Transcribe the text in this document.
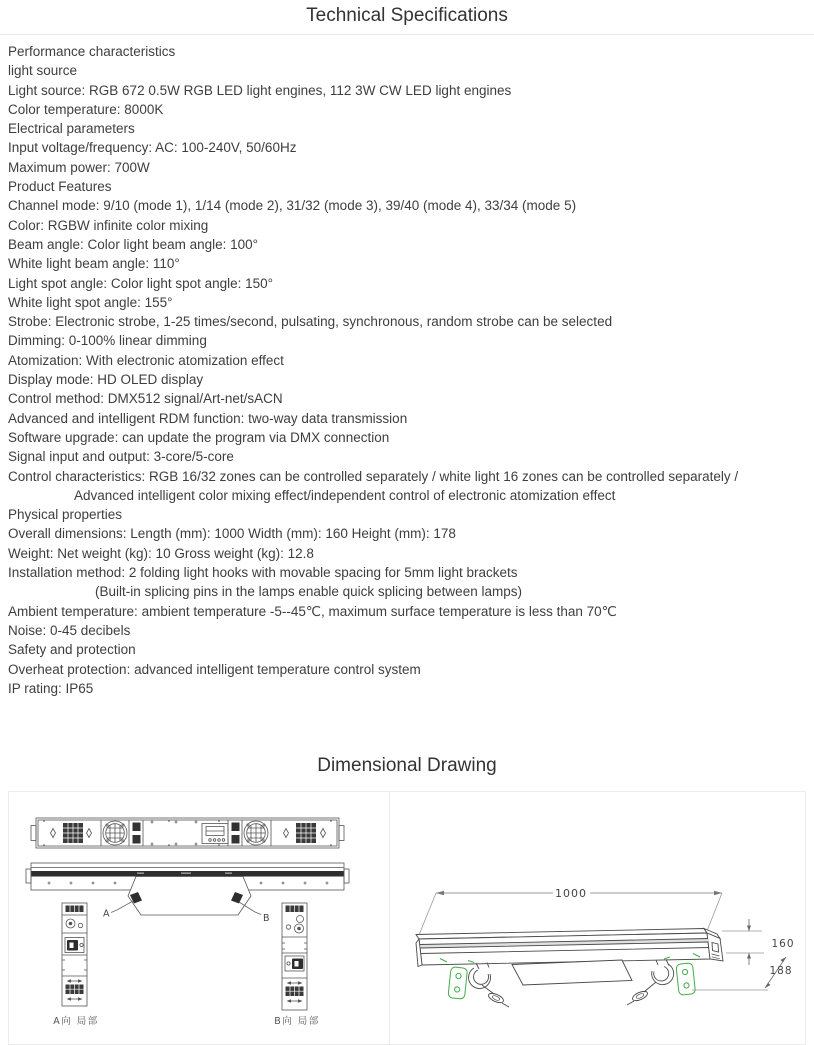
Technical Specifications
Performance characteristics
light source
Light source: RGB 672 0.5W RGB LED light engines, 112 3W CW LED light engines
Color temperature: 8000K
Electrical parameters
Input voltage/frequency: AC: 100-240V, 50/60Hz
Maximum power: 700W
Product Features
Channel mode: 9/10 (mode 1), 1/14 (mode 2), 31/32 (mode 3), 39/40 (mode 4), 33/34 (mode 5)
Color: RGBW infinite color mixing
Beam angle: Color light beam angle: 100°
White light beam angle: 110°
Light spot angle: Color light spot angle: 150°
White light spot angle: 155°
Strobe: Electronic strobe, 1-25 times/second, pulsating, synchronous, random strobe can be selected
Dimming: 0-100% linear dimming
Atomization: With electronic atomization effect
Display mode: HD OLED display
Control method: DMX512 signal/Art-net/sACN
Advanced and intelligent RDM function: two-way data transmission
Software upgrade: can update the program via DMX connection
Signal input and output: 3-core/5-core
Control characteristics: RGB 16/32 zones can be controlled separately / white light 16 zones can be controlled separately /
Advanced intelligent color mixing effect/independent control of electronic atomization effect
Physical properties
Overall dimensions: Length (mm): 1000 Width (mm): 160 Height (mm): 178
Weight: Net weight (kg): 10 Gross weight (kg): 12.8
Installation method: 2 folding light hooks with movable spacing for 5mm light brackets
(Built-in splicing pins in the lamps enable quick splicing between lamps)
Ambient temperature: ambient temperature -5--45℃, maximum surface temperature is less than 70℃
Noise: 0-45 decibels
Safety and protection
Overheat protection: advanced intelligent temperature control system
IP rating: IP65
Dimensional Drawing
A	B
A向 局部	B向 局部
1000
160
188
